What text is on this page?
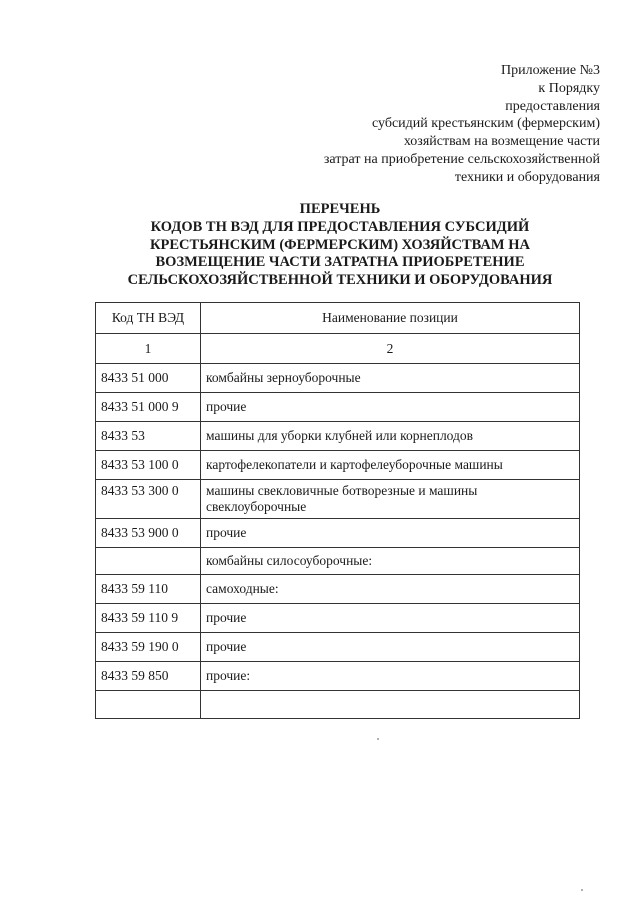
Приложение №3
к Порядку
предоставления
субсидий крестьянским (фермерским)
хозяйствам на возмещение части
затрат на приобретение сельскохозяйственной
техники и оборудования
ПЕРЕЧЕНЬ
КОДОВ ТН ВЭД ДЛЯ ПРЕДОСТАВЛЕНИЯ СУБСИДИЙ
КРЕСТЬЯНСКИМ (ФЕРМЕРСКИМ) ХОЗЯЙСТВАМ НА
ВОЗМЕЩЕНИЕ ЧАСТИ ЗАТРАТНА ПРИОБРЕТЕНИЕ
СЕЛЬСКОХОЗЯЙСТВЕННОЙ ТЕХНИКИ И ОБОРУДОВАНИЯ
Код ТН ВЭД	Наименование позиции
1	2
8433 51 000	комбайны зерноуборочные
8433 51 000 9	прочие
8433 53	машины для уборки клубней или корнеплодов
8433 53 100 0	картофелекопатели и картофелеуборочные машины
8433 53 300 0	машины свекловичные ботворезные и машины свеклоуборочные
8433 53 900 0	прочие
	комбайны силосоуборочные:
8433 59 110	самоходные:
8433 59 110 9	прочие
8433 59 190 0	прочие
8433 59 850	прочие:
